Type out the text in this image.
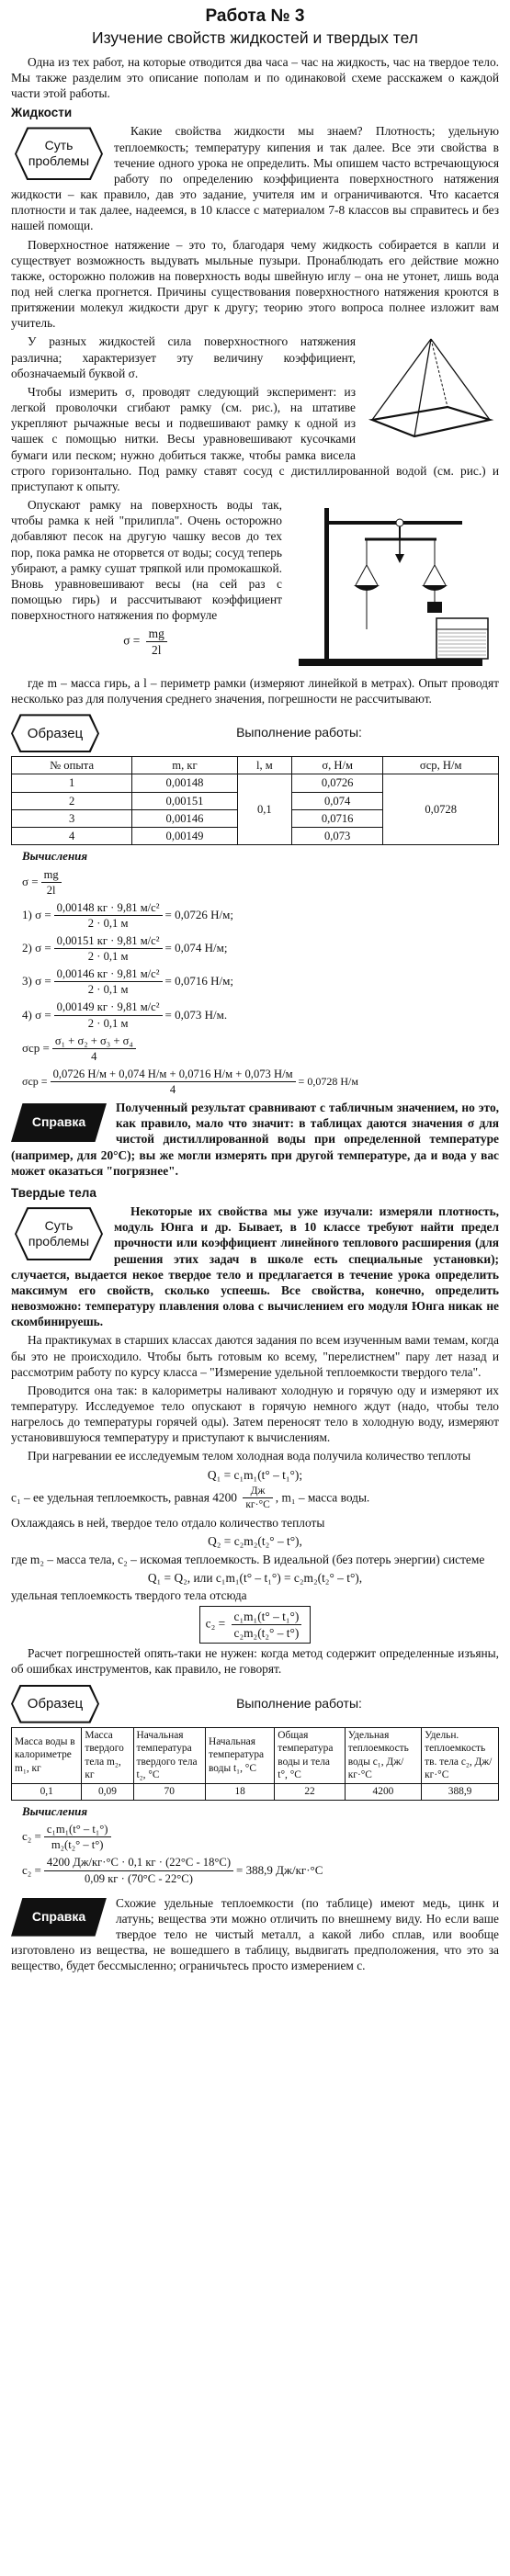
Работа № 3
Изучение свойств жидкостей и твердых тел

Одна из тех работ, на которые отводится два часа – час на жидкость, час на твердое тело. Мы также разделим это описание пополам и по одинаковой схеме расскажем о каждой части этой работы.

Жидкости
Суть проблемы

Какие свойства жидкости мы знаем? Плотность; удельную теплоемкость; температуру кипения и так далее. Все эти свойства в течение одного урока не определить. Мы опишем часто встречающуюся работу по определению коэффициента поверхностного натяжения жидкости – как правило, дав это задание, учителя им и ограничиваются. Что касается плотности и так далее, надеемся, в 10 классе с материалом 7-8 классов вы справитесь и без нашей помощи.

Поверхностное натяжение – это то, благодаря чему жидкость собирается в капли и существует возможность выдувать мыльные пузыри. Пронаблюдать его действие можно также, осторожно положив на поверхность воды швейную иглу – она не утонет, лишь вода под ней слегка прогнется. Причины существования поверхностного натяжения кроются в притяжении молекул жидкости друг к другу; теорию этого вопроса полнее изложит вам учитель.

У разных жидкостей сила поверхностного натяжения различна; характеризует эту величину коэффициент, обозначаемый буквой σ.

Чтобы измерить σ, проводят следующий эксперимент: из легкой проволочки сгибают рамку (см. рис.), на штативе укрепляют рычажные весы и подвешивают рамку к одной из чашек с помощью нитки. Весы уравновешивают кусочками бумаги или песком; нужно добиться также, чтобы рамка висела строго горизонтально. Под рамку ставят сосуд с дистиллированной водой (см. рис.) и приступают к опыту.

Опускают рамку на поверхность воды так, чтобы рамка к ней "прилипла". Очень осторожно добавляют песок на другую чашку весов до тех пор, пока рамка не оторвется от воды; сосуд теперь убирают, а рамку сушат тряпкой или промокашкой. Вновь уравновешивают весы (на сей раз с помощью гирь) и рассчитывают коэффициент поверхностного натяжения по формуле

$\sigma = \frac{mg}{2l}$

где m – масса гирь, а l – периметр рамки (измеряют линейкой в метрах). Опыт проводят несколько раз для получения среднего значения, погрешности не рассчитывают.

Образец	Выполнение работы:
№ опыта	m, кг	l, м	σ, Н/м	σср, Н/м
1	0,00148	0,1	0,0726	0,0728
2	0,00151		0,074	
3	0,00146		0,0716	
4	0,00149		0,073	
Вычисления
$\sigma = \frac{mg}{2l}$
1) $\sigma = \frac{\text{0,00148 кг · 9,81 м/с²}}{2 \cdot 0,1 м} = 0,0726$ Н/м;
2) $\sigma = \frac{\text{0,00151 кг · 9,81 м/с²}}{2 \cdot 0,1 м} = 0,074$ Н/м;
3) $\sigma = \frac{\text{0,00146 кг · 9,81 м/с²}}{2 \cdot 0,1 м} = 0,0716$ Н/м;
4) $\sigma = \frac{\text{0,00149 кг · 9,81 м/с²}}{2 \cdot 0,1 м} = 0,073$ Н/м.
$\sigma ср = \frac{\text{σ₁ + σ₂ + σ₃ + σ₄}}{4}$
$\sigma ср = \frac{0,0726 Н/м + 0,074 Н/м + 0,0716 Н/м + 0,073 Н/м}{4} = 0,0728$ Н/м
Справка

Полученный результат сравнивают с табличным значением, но это, как правило, мало что значит: в таблицах даются значения σ для чистой дистиллированной воды при определенной температуре (например, для 20°C); вы же могли измерять при другой температуре, да и вода у вас может оказаться "погрязнее".

Твердые тела
Суть проблемы

Некоторые их свойства мы уже изучали: измеряли плотность, модуль Юнга и др. Бывает, в 10 классе требуют найти предел прочности или коэффициент линейного теплового расширения (для решения этих задач в школе есть специальные установки); случается, выдается некое твердое тело и предлагается в течение урока определить максимум его свойств, сколько успеешь. Все свойства, конечно, определить невозможно: температуру плавления олова с вычислением его модуля Юнга никак не скомбинируешь.

На практикумах в старших классах даются задания по всем изученным вами темам, когда бы это не происходило. Чтобы быть готовым ко всему, "перелистнем" пару лет назад и рассмотрим работу по курсу класса – "Измерение удельной теплоемкости твердого тела".

Проводится она так: в калориметры наливают холодную и горячую оду и измеряют их температуру. Исследуемое тело опускают в горячую немного ждут (надо, чтобы тело нагрелось до температуры горячей оды). Затем переносят тело в холодную воду, измеряют установившуюся температуру и приступают к вычислениям.

При нагревании ее исследуемым телом холодная вода получила количество теплоты

Q₁ = c₁m₁(t° – t₁°);

c₁ – ее удельная теплоемкость, равная $4200 \frac{Дж}{кг\cdot^\circ C}$ , m₁ – масса воды.

Охлаждаясь в ней, твердое тело отдало количество теплоты

Q₂ = c₂m₂(t₂° – t°),

где m₂ – масса тела, c₂ – искомая теплоемкость. В идеальной (без потерь энергии) системе

Q₁ = Q₂, или c₁m₁(t° – t₁°) = c₂m₂(t₂° – t°),

удельная теплоемкость твердого тела отсюда

$c_2 = \frac{\text{c₁m₁(t° – t₁°)}}{\text{c₂m₂(t₂° – t°)}}$

Расчет погрешностей опять-таки не нужен: когда метод содержит определенные изъяны, об ошибках инструментов, как правило, не говорят.

Образец	Выполнение работы:
Масса воды в калориметре m₁, кг	Масса твердого тела m₂, кг	Начальная температура твердого тела t₂, °C	Начальная температура воды t₁, °C	Общая температура воды и тела t°, °C	Удельная теплоемкость воды c₁, Дж/кг·°C	Удельн. теплоемкость тв. тела c₂, Дж/кг·°C
0,1	0,09	70	18	22	4200	388,9
Вычисления
$c_2 = \frac{\text{c₁m₁(t° – t₁°)}}{\text{m₂(t₂° – t°)}}$
$c_2 = \frac{4200 Дж/кг\cdot^\circ C \cdot 0,1 кг \cdot (22^\circ C - 18^\circ C)}{0,09 кг \cdot (70^\circ C - 22^\circ C)} = 388,9$ Дж/кг·°C
Справка

Схожие удельные теплоемкости (по таблице) имеют медь, цинк и латунь; вещества эти можно отличить по внешнему виду. Но если ваше твердое тело не чистый металл, а какой либо сплав, или вообще изготовлено из вещества, не вошедшего в таблицу, выдвигать предположения, что это за вещество, будет бессмысленно; ограничьтесь просто измерением c.
